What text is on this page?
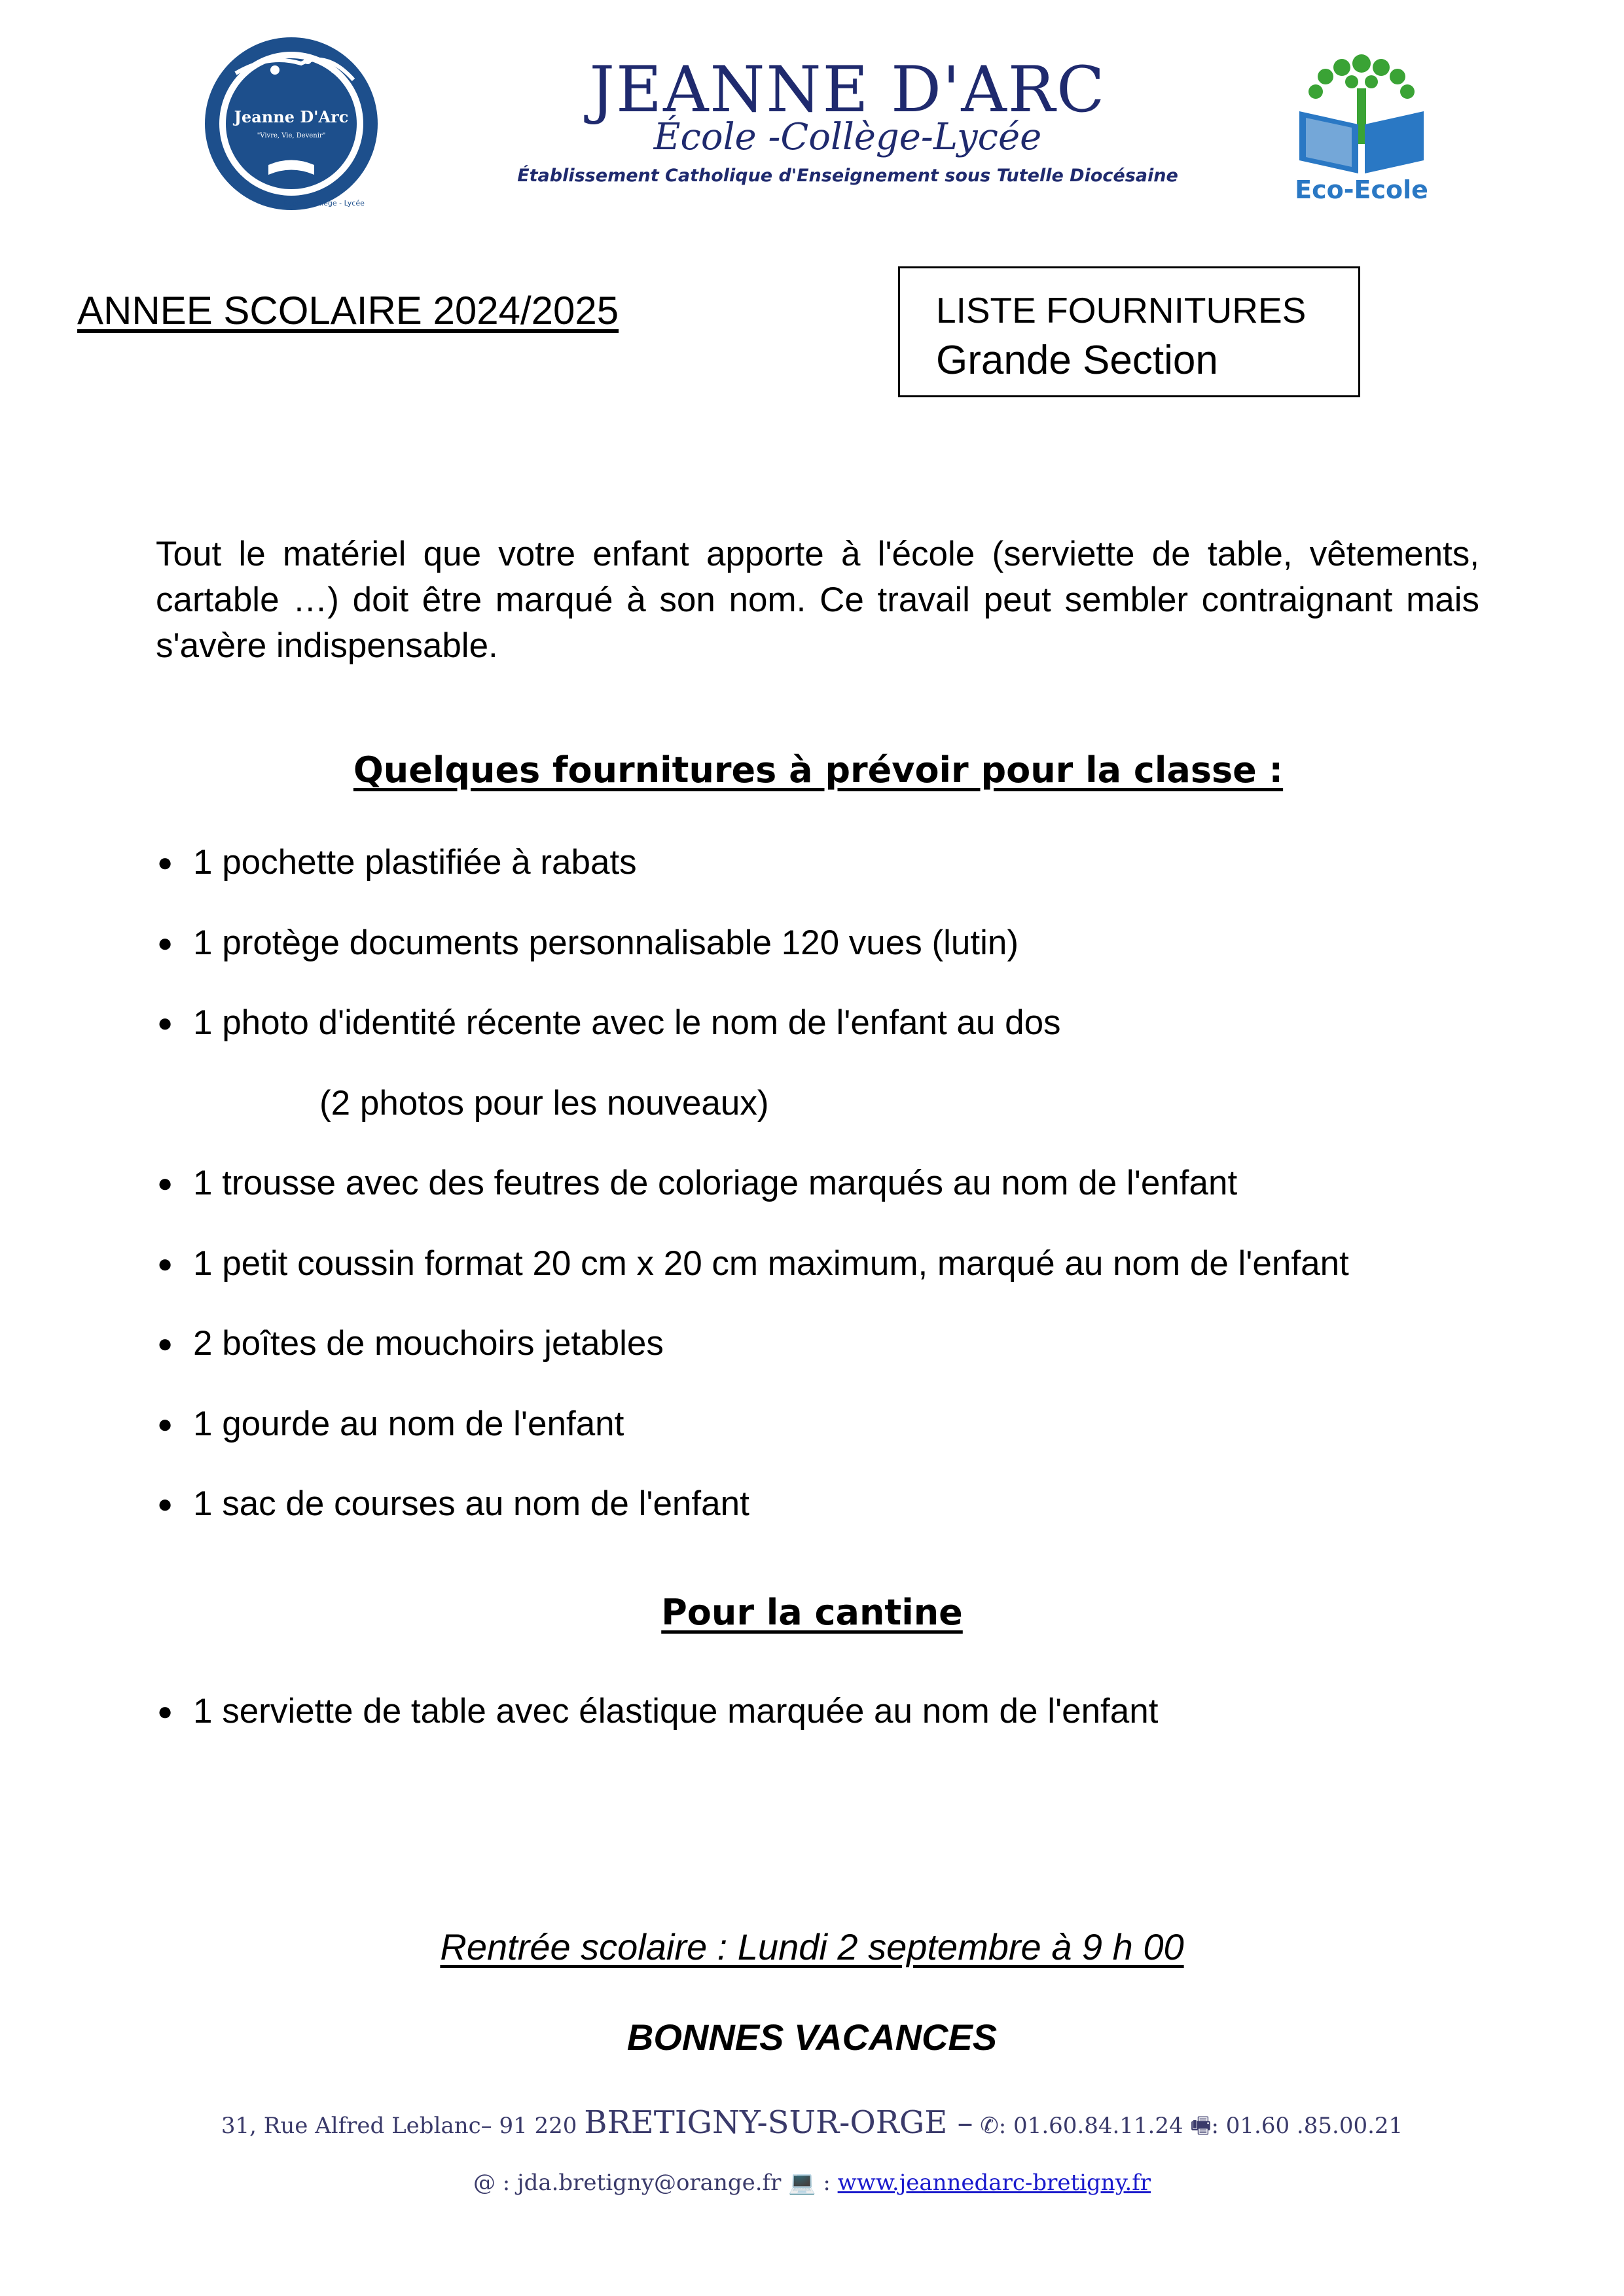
Jeanne D'Arc
"Vivre, Vie, Devenir"
Ecole - Collège - Lycée
JEANNE D'ARC
École -Collège-Lycée
Établissement Catholique d'Enseignement sous Tutelle Diocésaine	Eco-Ecole
ANNEE SCOLAIRE 2024/2025	LISTE FOURNITURES
Grande Section
Tout le matériel que votre enfant apporte à l'école (serviette de table, vêtements, cartable …) doit être marqué à son nom. Ce travail peut sembler contraignant mais s'avère indispensable.
Quelques fournitures à prévoir pour la classe :
● 1 pochette plastifiée à rabats
● 1 protège documents personnalisable 120 vues (lutin)
● 1 photo d'identité récente avec le nom de l'enfant au dos
(2 photos pour les nouveaux)
● 1 trousse avec des feutres de coloriage marqués au nom de l'enfant
● 1 petit coussin format 20 cm x 20 cm maximum, marqué au nom de l'enfant
● 2 boîtes de mouchoirs jetables
● 1 gourde au nom de l'enfant
● 1 sac de courses au nom de l'enfant
Pour la cantine
● 1 serviette de table avec élastique marquée au nom de l'enfant
Rentrée scolaire : Lundi 2 septembre à 9 h 00
BONNES VACANCES
31, Rue Alfred Leblanc– 91 220 BRETIGNY-SUR-ORGE – ✆: 01.60.84.11.24 🖷: 01.60 .85.00.21
@ : jda.bretigny@orange.fr 💻 : www.jeannedarc-bretigny.fr
